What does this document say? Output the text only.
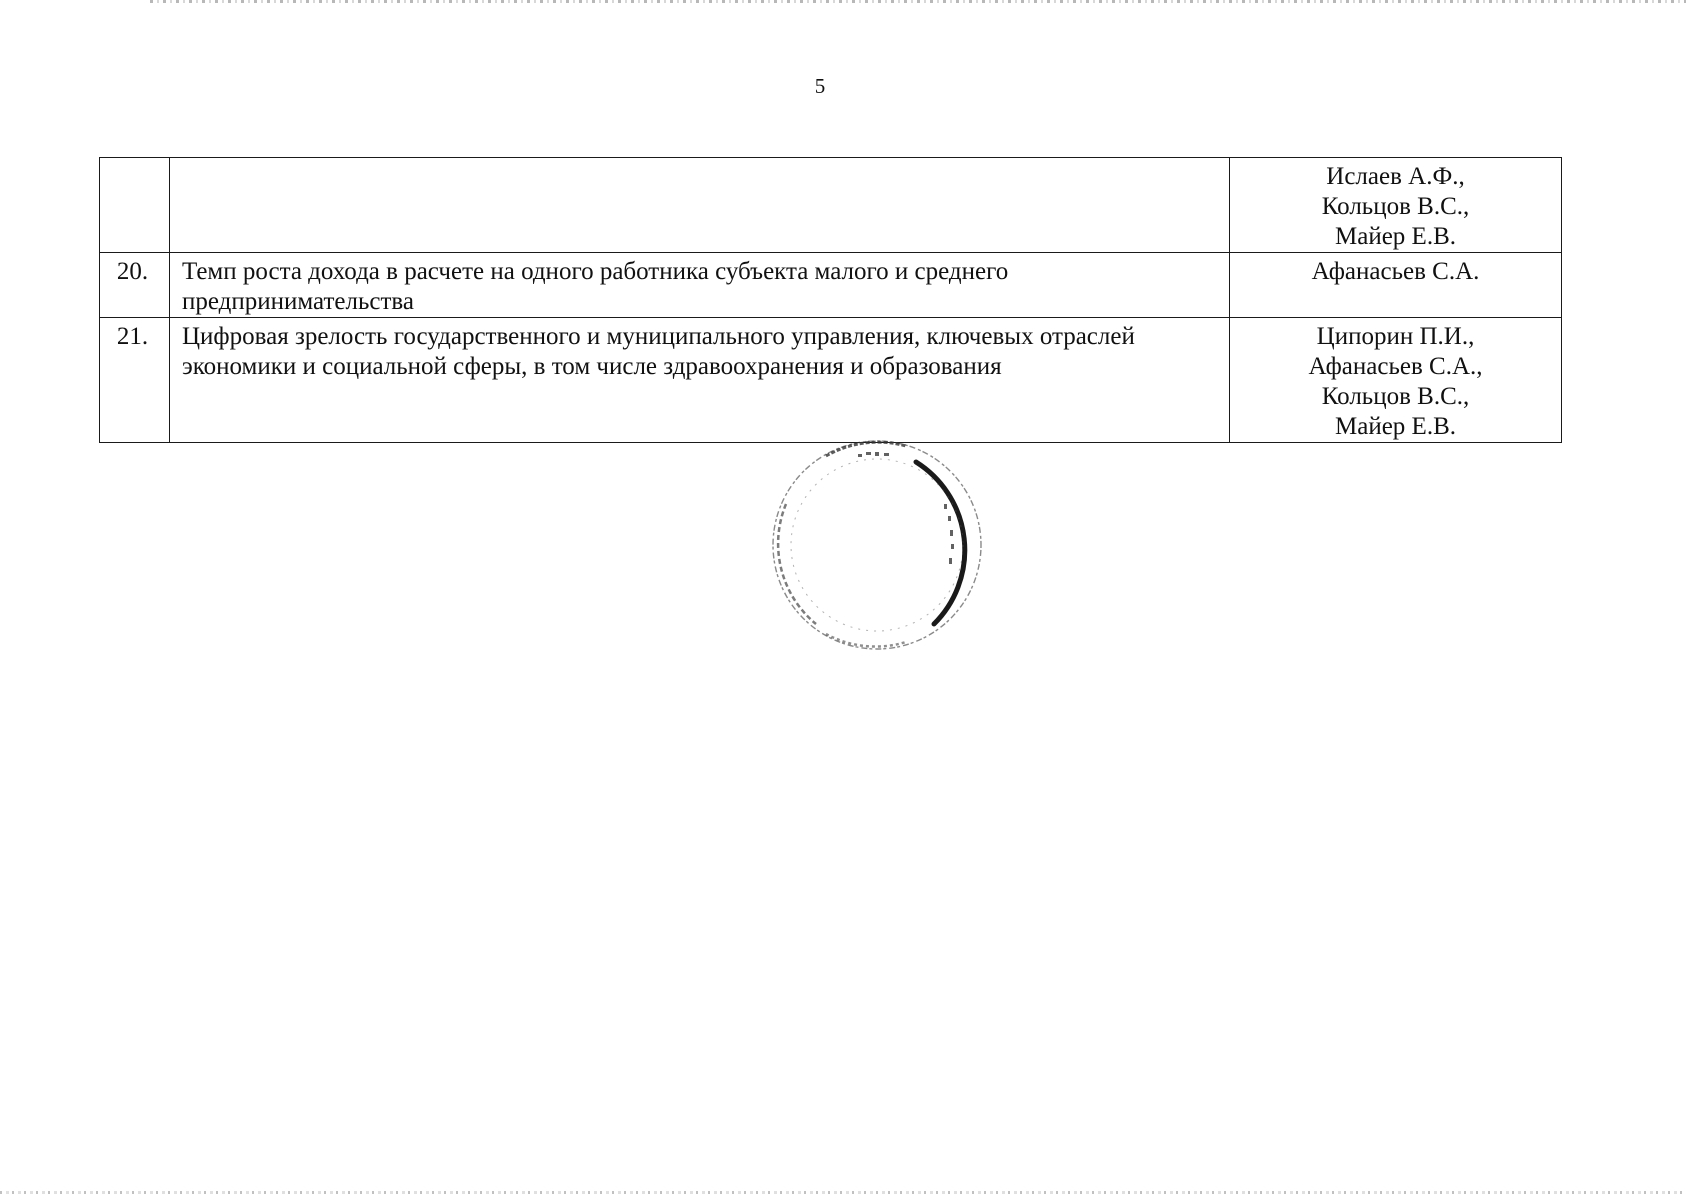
5

		Ислаев А.Ф.,
Кольцов В.С.,
Майер Е.В.

20.	Темп роста дохода в расчете на одного работника субъекта малого и среднего предпринимательства	Афанасьев С.А.

21.	Цифровая зрелость государственного и муниципального управления, ключевых отраслей экономики и социальной сферы, в том числе здравоохранения и образования	Ципорин П.И.,
Афанасьев С.А.,
Кольцов В.С.,
Майер Е.В.
